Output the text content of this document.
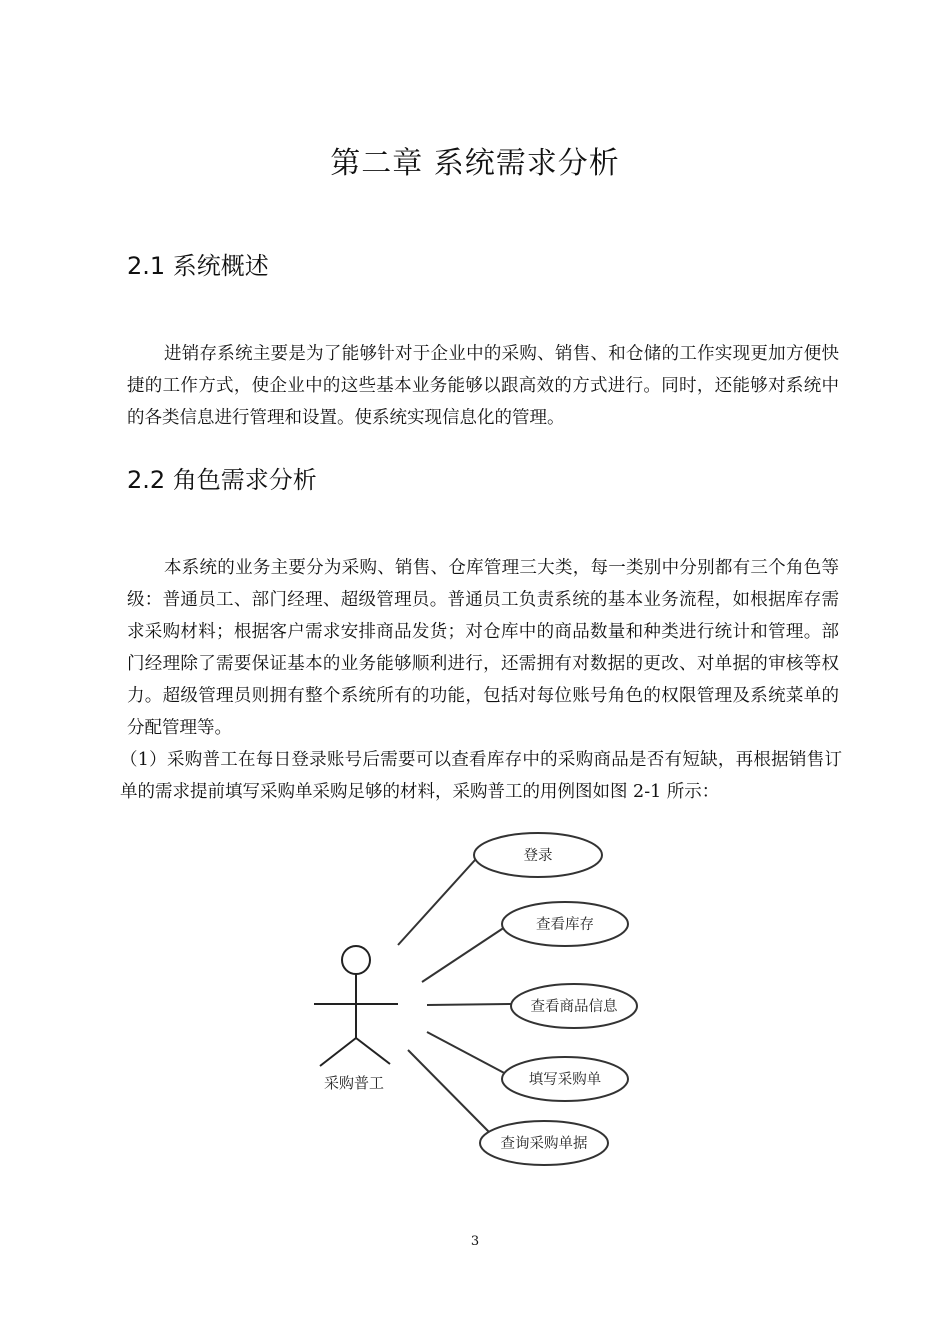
第二章 系统需求分析
2.1 系统概述

进销存系统主要是为了能够针对于企业中的采购、销售、和仓储的工作实现更加方便快捷的工作方式，使企业中的这些基本业务能够以跟高效的方式进行。同时，还能够对系统中的各类信息进行管理和设置。使系统实现信息化的管理。

2.2 角色需求分析

本系统的业务主要分为采购、销售、仓库管理三大类，每一类别中分别都有三个角色等级：普通员工、部门经理、超级管理员。普通员工负责系统的基本业务流程，如根据库存需求采购材料；根据客户需求安排商品发货；对仓库中的商品数量和种类进行统计和管理。部门经理除了需要保证基本的业务能够顺利进行，还需拥有对数据的更改、对单据的审核等权力。超级管理员则拥有整个系统所有的功能，包括对每位账号角色的权限管理及系统菜单的分配管理等。

（1）采购普工在每日登录账号后需要可以查看库存中的采购商品是否有短缺，再根据销售订单的需求提前填写采购单采购足够的材料，采购普工的用例图如图 2-1 所示：

采购普工
登录
查看库存
查看商品信息
填写采购单
查询采购单据
3
